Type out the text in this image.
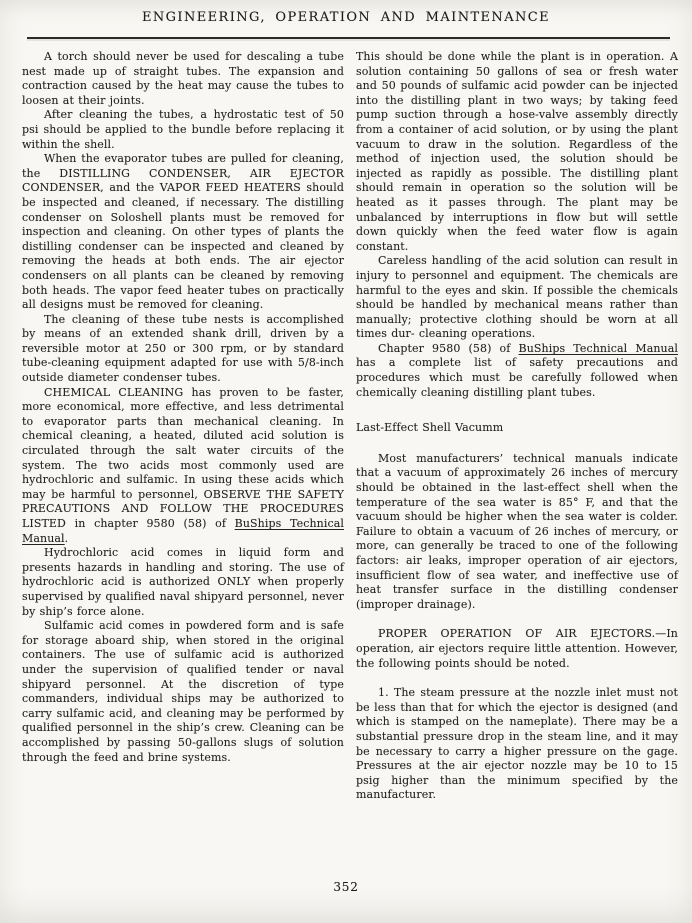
ENGINEERING, OPERATION AND MAINTENANCE

A torch should never be used for descaling a tube nest made up of straight tubes. The expansion and contraction caused by the heat may cause the tubes to loosen at their joints.

After cleaning the tubes, a hydrostatic test of 50 psi should be applied to the bundle before replacing it within the shell.

When the evaporator tubes are pulled for cleaning, the DISTILLING CONDENSER, AIR EJECTOR CONDENSER, and the VAPOR FEED HEATERS should be inspected and cleaned, if necessary. The distilling condenser on Soloshell plants must be removed for inspection and cleaning. On other types of plants the distilling condenser can be inspected and cleaned by removing the heads at both ends. The air ejector condensers on all plants can be cleaned by removing both heads. The vapor feed heater tubes on practically all designs must be removed for cleaning.

The cleaning of these tube nests is accomplished by means of an extended shank drill, driven by a reversible motor at 250 or 300 rpm, or by standard tube-cleaning equipment adapted for use with 5/8-inch outside diameter condenser tubes.

CHEMICAL CLEANING has proven to be faster, more economical, more effective, and less detrimental to evaporator parts than mechanical cleaning. In chemical cleaning, a heated, diluted acid solution is circulated through the salt water circuits of the system. The two acids most commonly used are hydrochloric and sulfamic. In using these acids which may be harmful to personnel, OBSERVE THE SAFETY PRECAUTIONS AND FOLLOW THE PROCEDURES LISTED in chapter 9580 (58) of BuShips Technical Manual.

Hydrochloric acid comes in liquid form and presents hazards in handling and storing. The use of hydrochloric acid is authorized ONLY when properly supervised by qualified naval shipyard personnel, never by ship’s force alone.

Sulfamic acid comes in powdered form and is safe for storage aboard ship, when stored in the original containers. The use of sulfamic acid is authorized under the supervision of qualified tender or naval shipyard personnel. At the discretion of type commanders, individual ships may be authorized to carry sulfamic acid, and cleaning may be performed by qualified personnel in the ship’s crew. Cleaning can be accomplished by passing 50-gallons slugs of solution through the feed and brine systems.

This should be done while the plant is in operation. A solution containing 50 gallons of sea or fresh water and 50 pounds of sulfamic acid powder can be injected into the distilling plant in two ways; by taking feed pump suction through a hose-valve assembly directly from a container of acid solution, or by using the plant vacuum to draw in the solution. Regardless of the method of injection used, the solution should be injected as rapidly as possible. The distilling plant should remain in operation so the solution will be heated as it passes through. The plant may be unbalanced by interruptions in flow but will settle down quickly when the feed water flow is again constant.

Careless handling of the acid solution can result in injury to personnel and equipment. The chemicals are harmful to the eyes and skin. If possible the chemicals should be handled by mechanical means rather than manually; protective clothing should be worn at all times dur- cleaning operations.

Chapter 9580 (58) of BuShips Technical Manual has a complete list of safety precautions and procedures which must be carefully followed when chemically cleaning distilling plant tubes.

Last-Effect Shell Vacumm

Most manufacturers’ technical manuals indicate that a vacuum of approximately 26 inches of mercury should be obtained in the last-effect shell when the temperature of the sea water is 85° F, and that the vacuum should be higher when the sea water is colder. Failure to obtain a vacuum of 26 inches of mercury, or more, can generally be traced to one of the following factors: air leaks, improper operation of air ejectors, insufficient flow of sea water, and ineffective use of heat transfer surface in the distilling condenser (improper drainage).

PROPER OPERATION OF AIR EJECTORS.—In operation, air ejectors require little attention. However, the following points should be noted.

1. The steam pressure at the nozzle inlet must not be less than that for which the ejector is designed (and which is stamped on the nameplate). There may be a substantial pressure drop in the steam line, and it may be necessary to carry a higher pressure on the gage. Pressures at the air ejector nozzle may be 10 to 15 psig higher than the minimum specified by the manufacturer.

352
